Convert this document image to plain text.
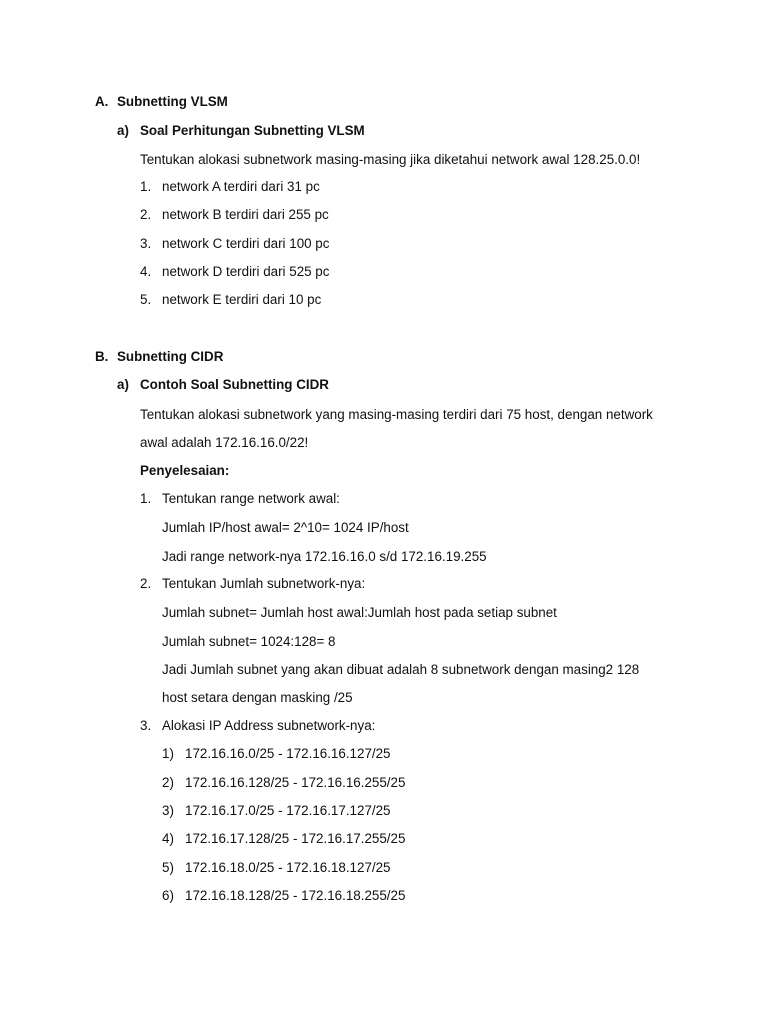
A. Subnetting VLSM
a) Soal Perhitungan Subnetting VLSM
Tentukan alokasi subnetwork masing-masing jika diketahui network awal 128.25.0.0!
1. network A terdiri dari 31 pc
2. network B terdiri dari 255 pc
3. network C terdiri dari 100 pc
4. network D terdiri dari 525 pc
5. network E terdiri dari 10 pc
B. Subnetting CIDR
a) Contoh Soal Subnetting CIDR
Tentukan alokasi subnetwork yang masing-masing terdiri dari 75 host, dengan network
awal adalah 172.16.16.0/22!
Penyelesaian:
1. Tentukan range network awal:
Jumlah IP/host awal= 2^10= 1024 IP/host
Jadi range network-nya 172.16.16.0 s/d 172.16.19.255
2. Tentukan Jumlah subnetwork-nya:
Jumlah subnet= Jumlah host awal:Jumlah host pada setiap subnet
Jumlah subnet= 1024:128= 8
Jadi Jumlah subnet yang akan dibuat adalah 8 subnetwork dengan masing2 128
host setara dengan masking /25
3. Alokasi IP Address subnetwork-nya:
1) 172.16.16.0/25 - 172.16.16.127/25
2) 172.16.16.128/25 - 172.16.16.255/25
3) 172.16.17.0/25 - 172.16.17.127/25
4) 172.16.17.128/25 - 172.16.17.255/25
5) 172.16.18.0/25 - 172.16.18.127/25
6) 172.16.18.128/25 - 172.16.18.255/25
